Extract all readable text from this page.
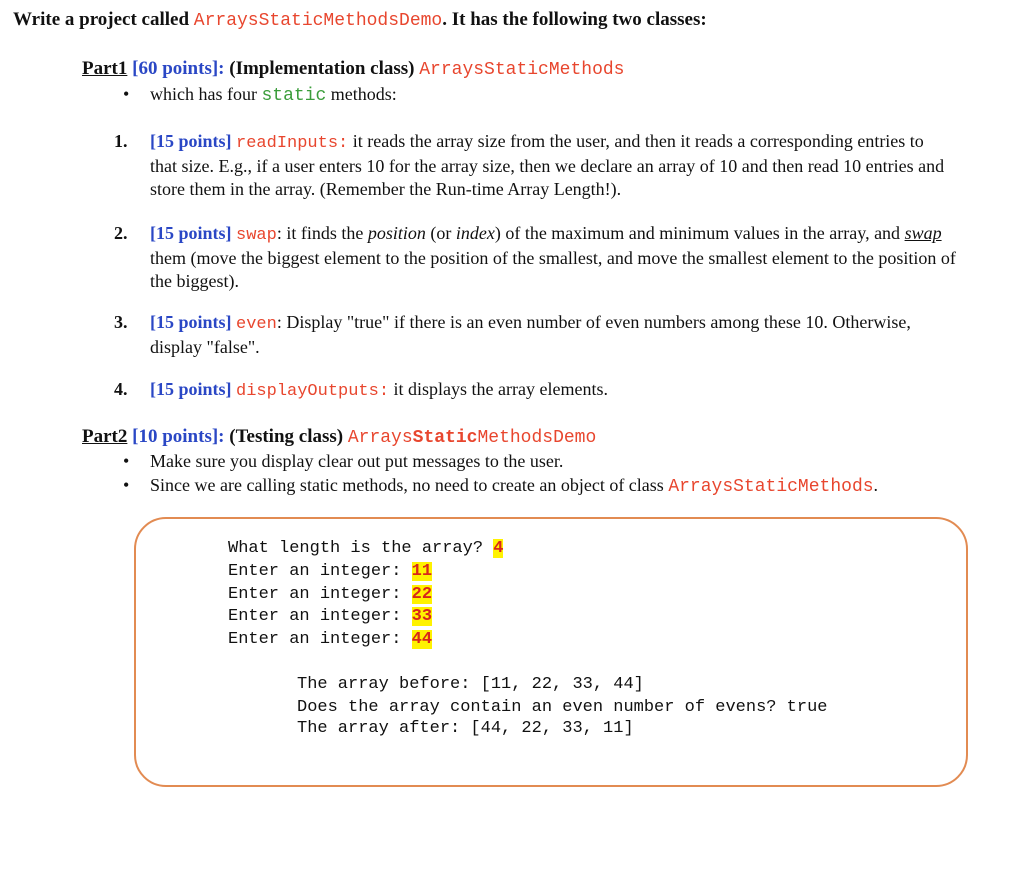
Write a project called ArraysStaticMethodsDemo. It has the following two classes:
Part1 [60 points]: (Implementation class) ArraysStaticMethods
• which has four static methods:
1. [15 points] readInputs: it reads the array size from the user, and then it reads a corresponding entries to
that size. E.g., if a user enters 10 for the array size, then we declare an array of 10 and then read 10 entries and
store them in the array. (Remember the Run-time Array Length!).
2. [15 points] swap: it finds the position (or index) of the maximum and minimum values in the array, and swap
them (move the biggest element to the position of the smallest, and move the smallest element to the position of
the biggest).
3. [15 points] even: Display "true" if there is an even number of even numbers among these 10. Otherwise,
display "false".
4. [15 points] displayOutputs: it displays the array elements.
Part2 [10 points]: (Testing class) ArraysStaticMethodsDemo
• Make sure you display clear out put messages to the user.
• Since we are calling static methods, no need to create an object of class ArraysStaticMethods.
What length is the array? 4
Enter an integer: 11
Enter an integer: 22
Enter an integer: 33
Enter an integer: 44
The array before: [11, 22, 33, 44]
Does the array contain an even number of evens? true
The array after: [44, 22, 33, 11]
